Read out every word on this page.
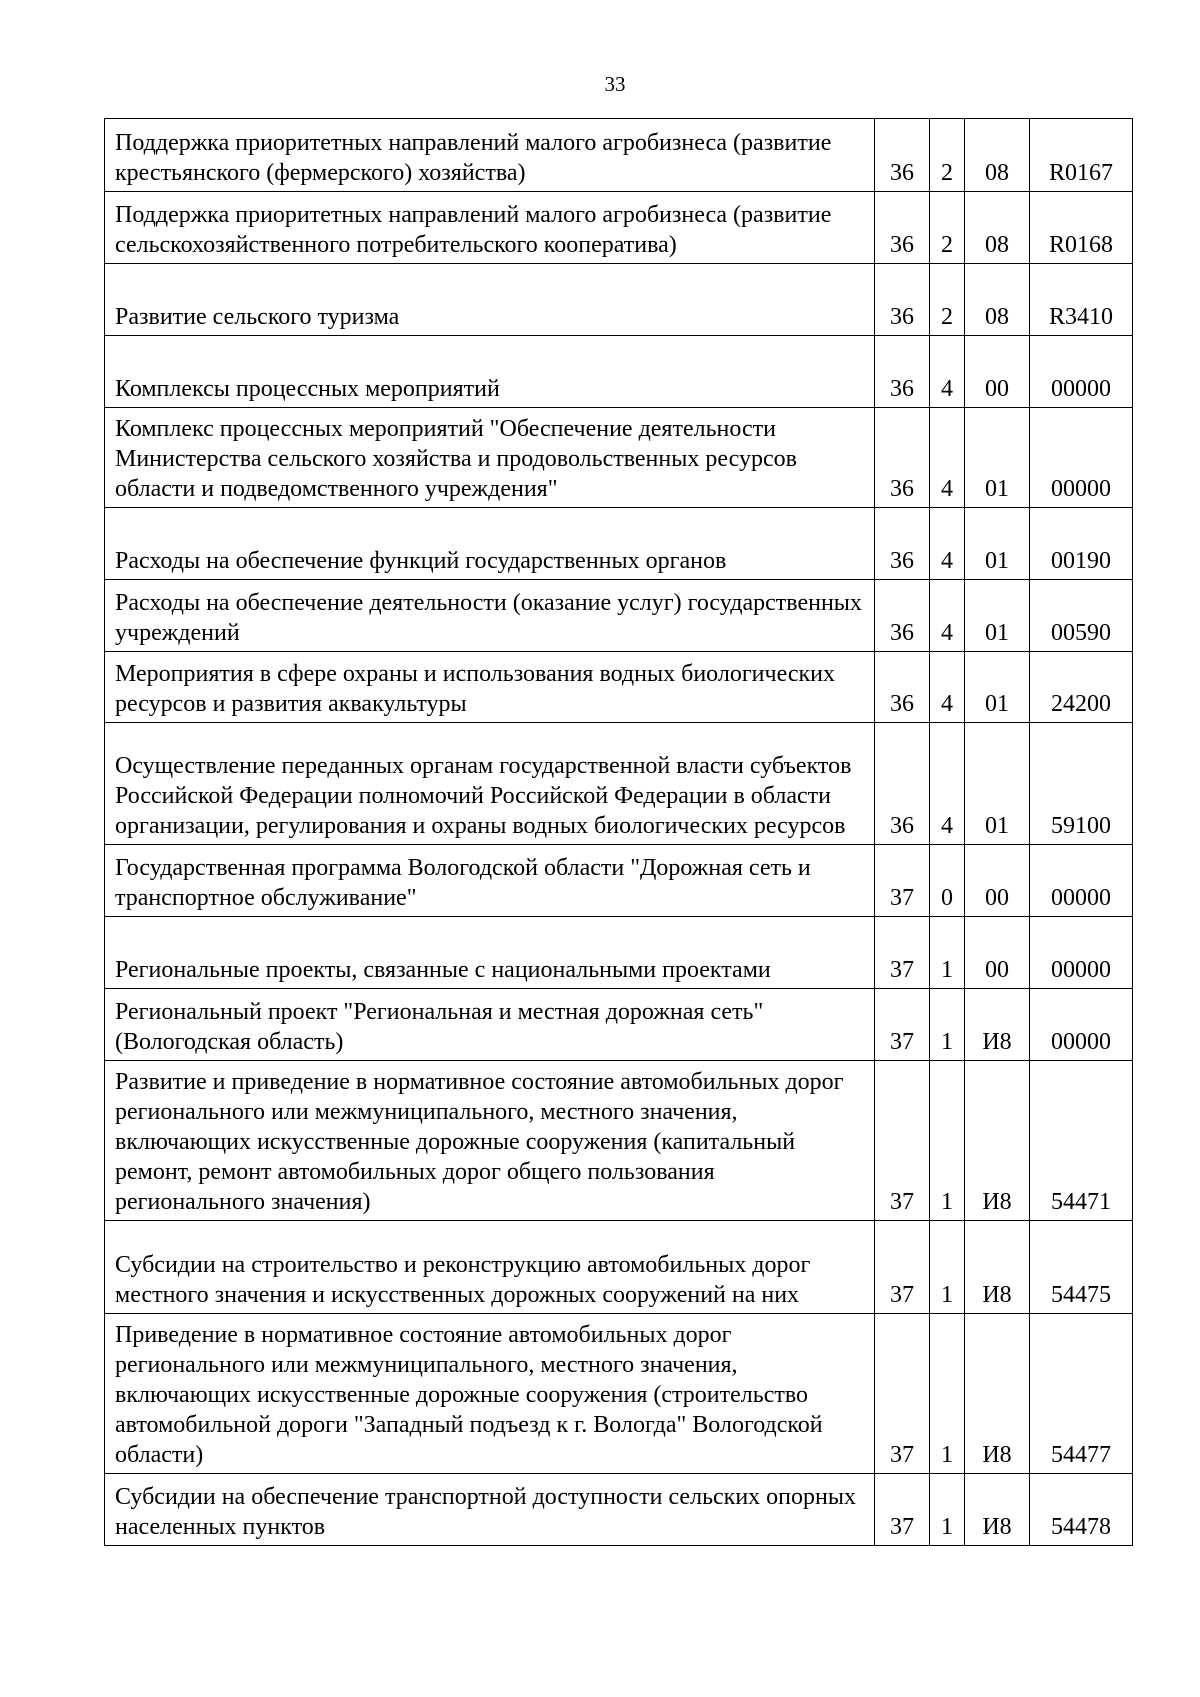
33
Поддержка приоритетных направлений малого агробизнеса (развитие крестьянского (фермерского) хозяйства)	36	2	08	R0167
Поддержка приоритетных направлений малого агробизнеса (развитие сельскохозяйственного потребительского кооператива)	36	2	08	R0168
Развитие сельского туризма	36	2	08	R3410
Комплексы процессных мероприятий	36	4	00	00000
Комплекс процессных мероприятий "Обеспечение деятельности Министерства сельского хозяйства и продовольственных ресурсов области и подведомственного учреждения"	36	4	01	00000
Расходы на обеспечение функций государственных органов	36	4	01	00190
Расходы на обеспечение деятельности (оказание услуг) государственных учреждений	36	4	01	00590
Мероприятия в сфере охраны и использования водных биологических ресурсов и развития аквакультуры	36	4	01	24200
Осуществление переданных органам государственной власти субъектов Российской Федерации полномочий Российской Федерации в области организации, регулирования и охраны водных биологических ресурсов	36	4	01	59100
Государственная программа Вологодской области "Дорожная сеть и транспортное обслуживание"	37	0	00	00000
Региональные проекты, связанные с национальными проектами	37	1	00	00000
Региональный проект "Региональная и местная дорожная сеть" (Вологодская область)	37	1	И8	00000
Развитие и приведение в нормативное состояние автомобильных дорог регионального или межмуниципального, местного значения, включающих искусственные дорожные сооружения (капитальный ремонт, ремонт автомобильных дорог общего пользования регионального значения)	37	1	И8	54471
Субсидии на строительство и реконструкцию автомобильных дорог местного значения и искусственных дорожных сооружений на них	37	1	И8	54475
Приведение в нормативное состояние автомобильных дорог регионального или межмуниципального, местного значения, включающих искусственные дорожные сооружения (строительство автомобильной дороги "Западный подъезд к г. Вологда" Вологодской области)	37	1	И8	54477
Субсидии на обеспечение транспортной доступности сельских опорных населенных пунктов	37	1	И8	54478
